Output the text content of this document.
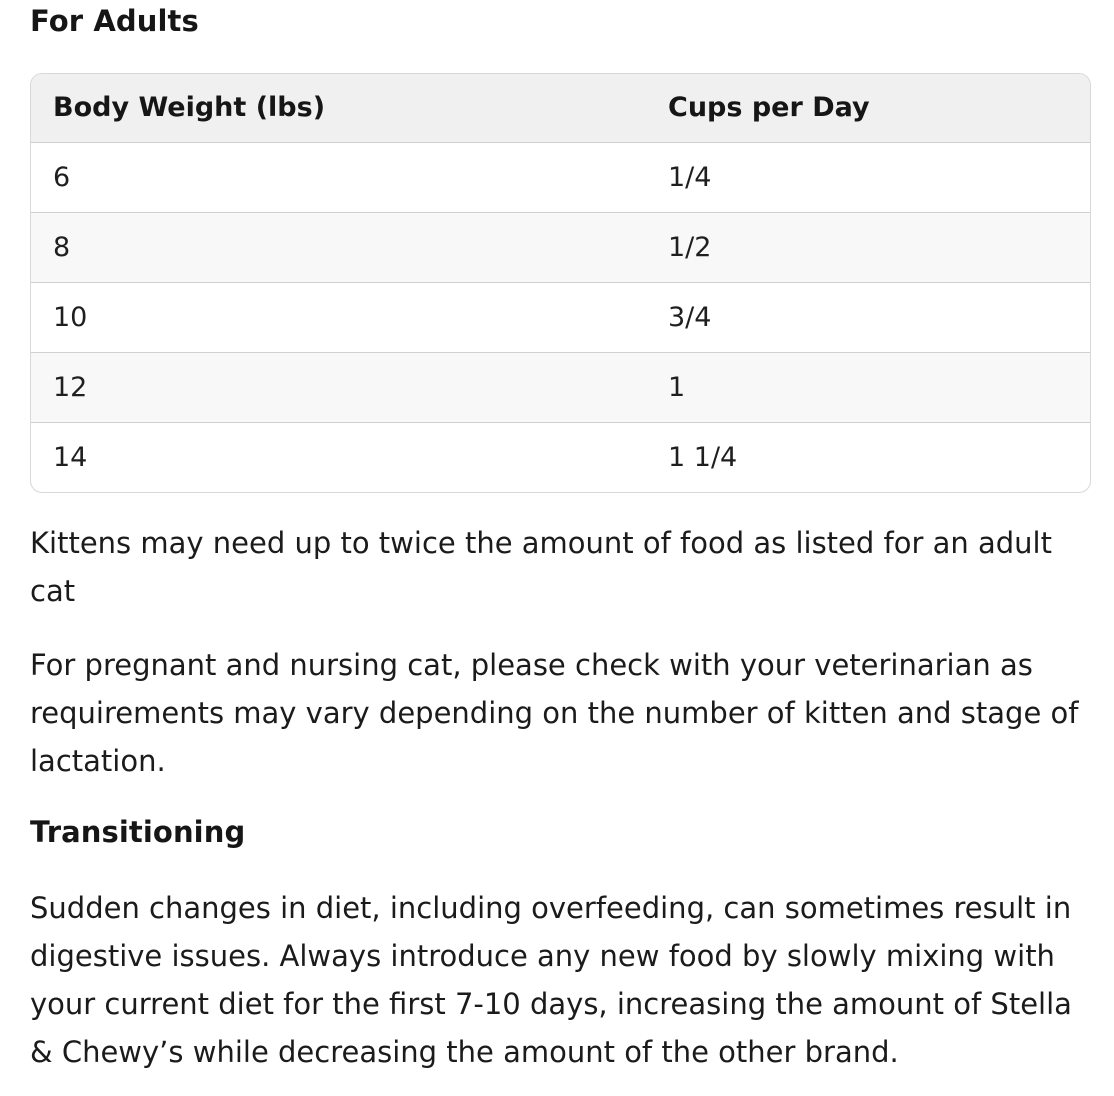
For Adults
Body Weight (lbs)	Cups per Day
6	1/4
8	1/2
10	3/4
12	1
14	1 1/4

Kittens may need up to twice the amount of food as listed for an adult cat

For pregnant and nursing cat, please check with your veterinarian as requirements may vary depending on the number of kitten and stage of lactation.

Transitioning

Sudden changes in diet, including overfeeding, can sometimes result in digestive issues. Always introduce any new food by slowly mixing with your current diet for the first 7-10 days, increasing the amount of Stella & Chewy’s while decreasing the amount of the other brand.
